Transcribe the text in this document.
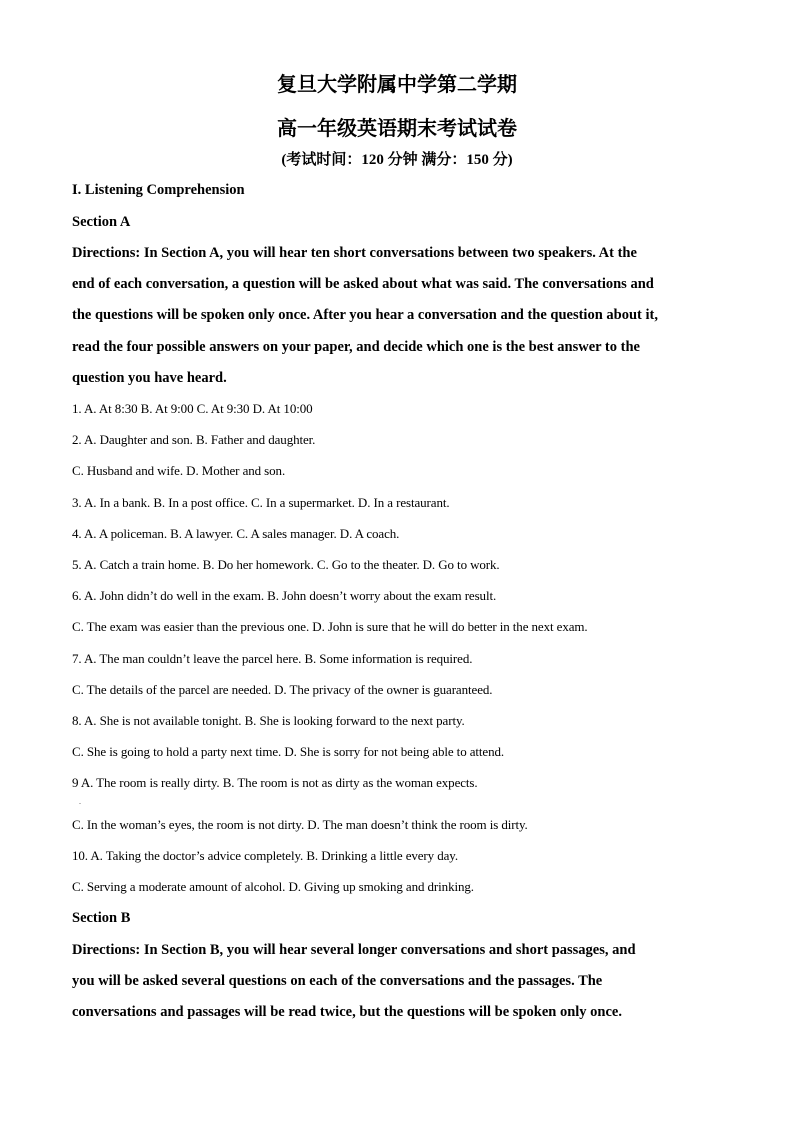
复旦大学附属中学第二学期
高一年级英语期末考试试卷
(考试时间：120 分钟 满分：150 分)
I. Listening Comprehension
Section A
Directions: In Section A, you will hear ten short conversations between two speakers. At the
end of each conversation, a question will be asked about what was said. The conversations and
the questions will be spoken only once. After you hear a conversation and the question about it,
read the four possible answers on your paper, and decide which one is the best answer to the
question you have heard.
1. A. At 8:30 B. At 9:00 C. At 9:30 D. At 10:00
2. A. Daughter and son. B. Father and daughter.
C. Husband and wife. D. Mother and son.
3. A. In a bank. B. In a post office. C. In a supermarket. D. In a restaurant.
4. A. A policeman. B. A lawyer. C. A sales manager. D. A coach.
5. A. Catch a train home. B. Do her homework. C. Go to the theater. D. Go to work.
6. A. John didn’t do well in the exam. B. John doesn’t worry about the exam result.
C. The exam was easier than the previous one. D. John is sure that he will do better in the next exam.
7. A. The man couldn’t leave the parcel here. B. Some information is required.
C. The details of the parcel are needed. D. The privacy of the owner is guaranteed.
8. A. She is not available tonight. B. She is looking forward to the next party.
C. She is going to hold a party next time. D. She is sorry for not being able to attend.
9 A. The room is really dirty. B. The room is not as dirty as the woman expects.
.
C. In the woman’s eyes, the room is not dirty. D. The man doesn’t think the room is dirty.
10. A. Taking the doctor’s advice completely. B. Drinking a little every day.
C. Serving a moderate amount of alcohol. D. Giving up smoking and drinking.
Section B
Directions: In Section B, you will hear several longer conversations and short passages, and
you will be asked several questions on each of the conversations and the passages. The
conversations and passages will be read twice, but the questions will be spoken only once.
